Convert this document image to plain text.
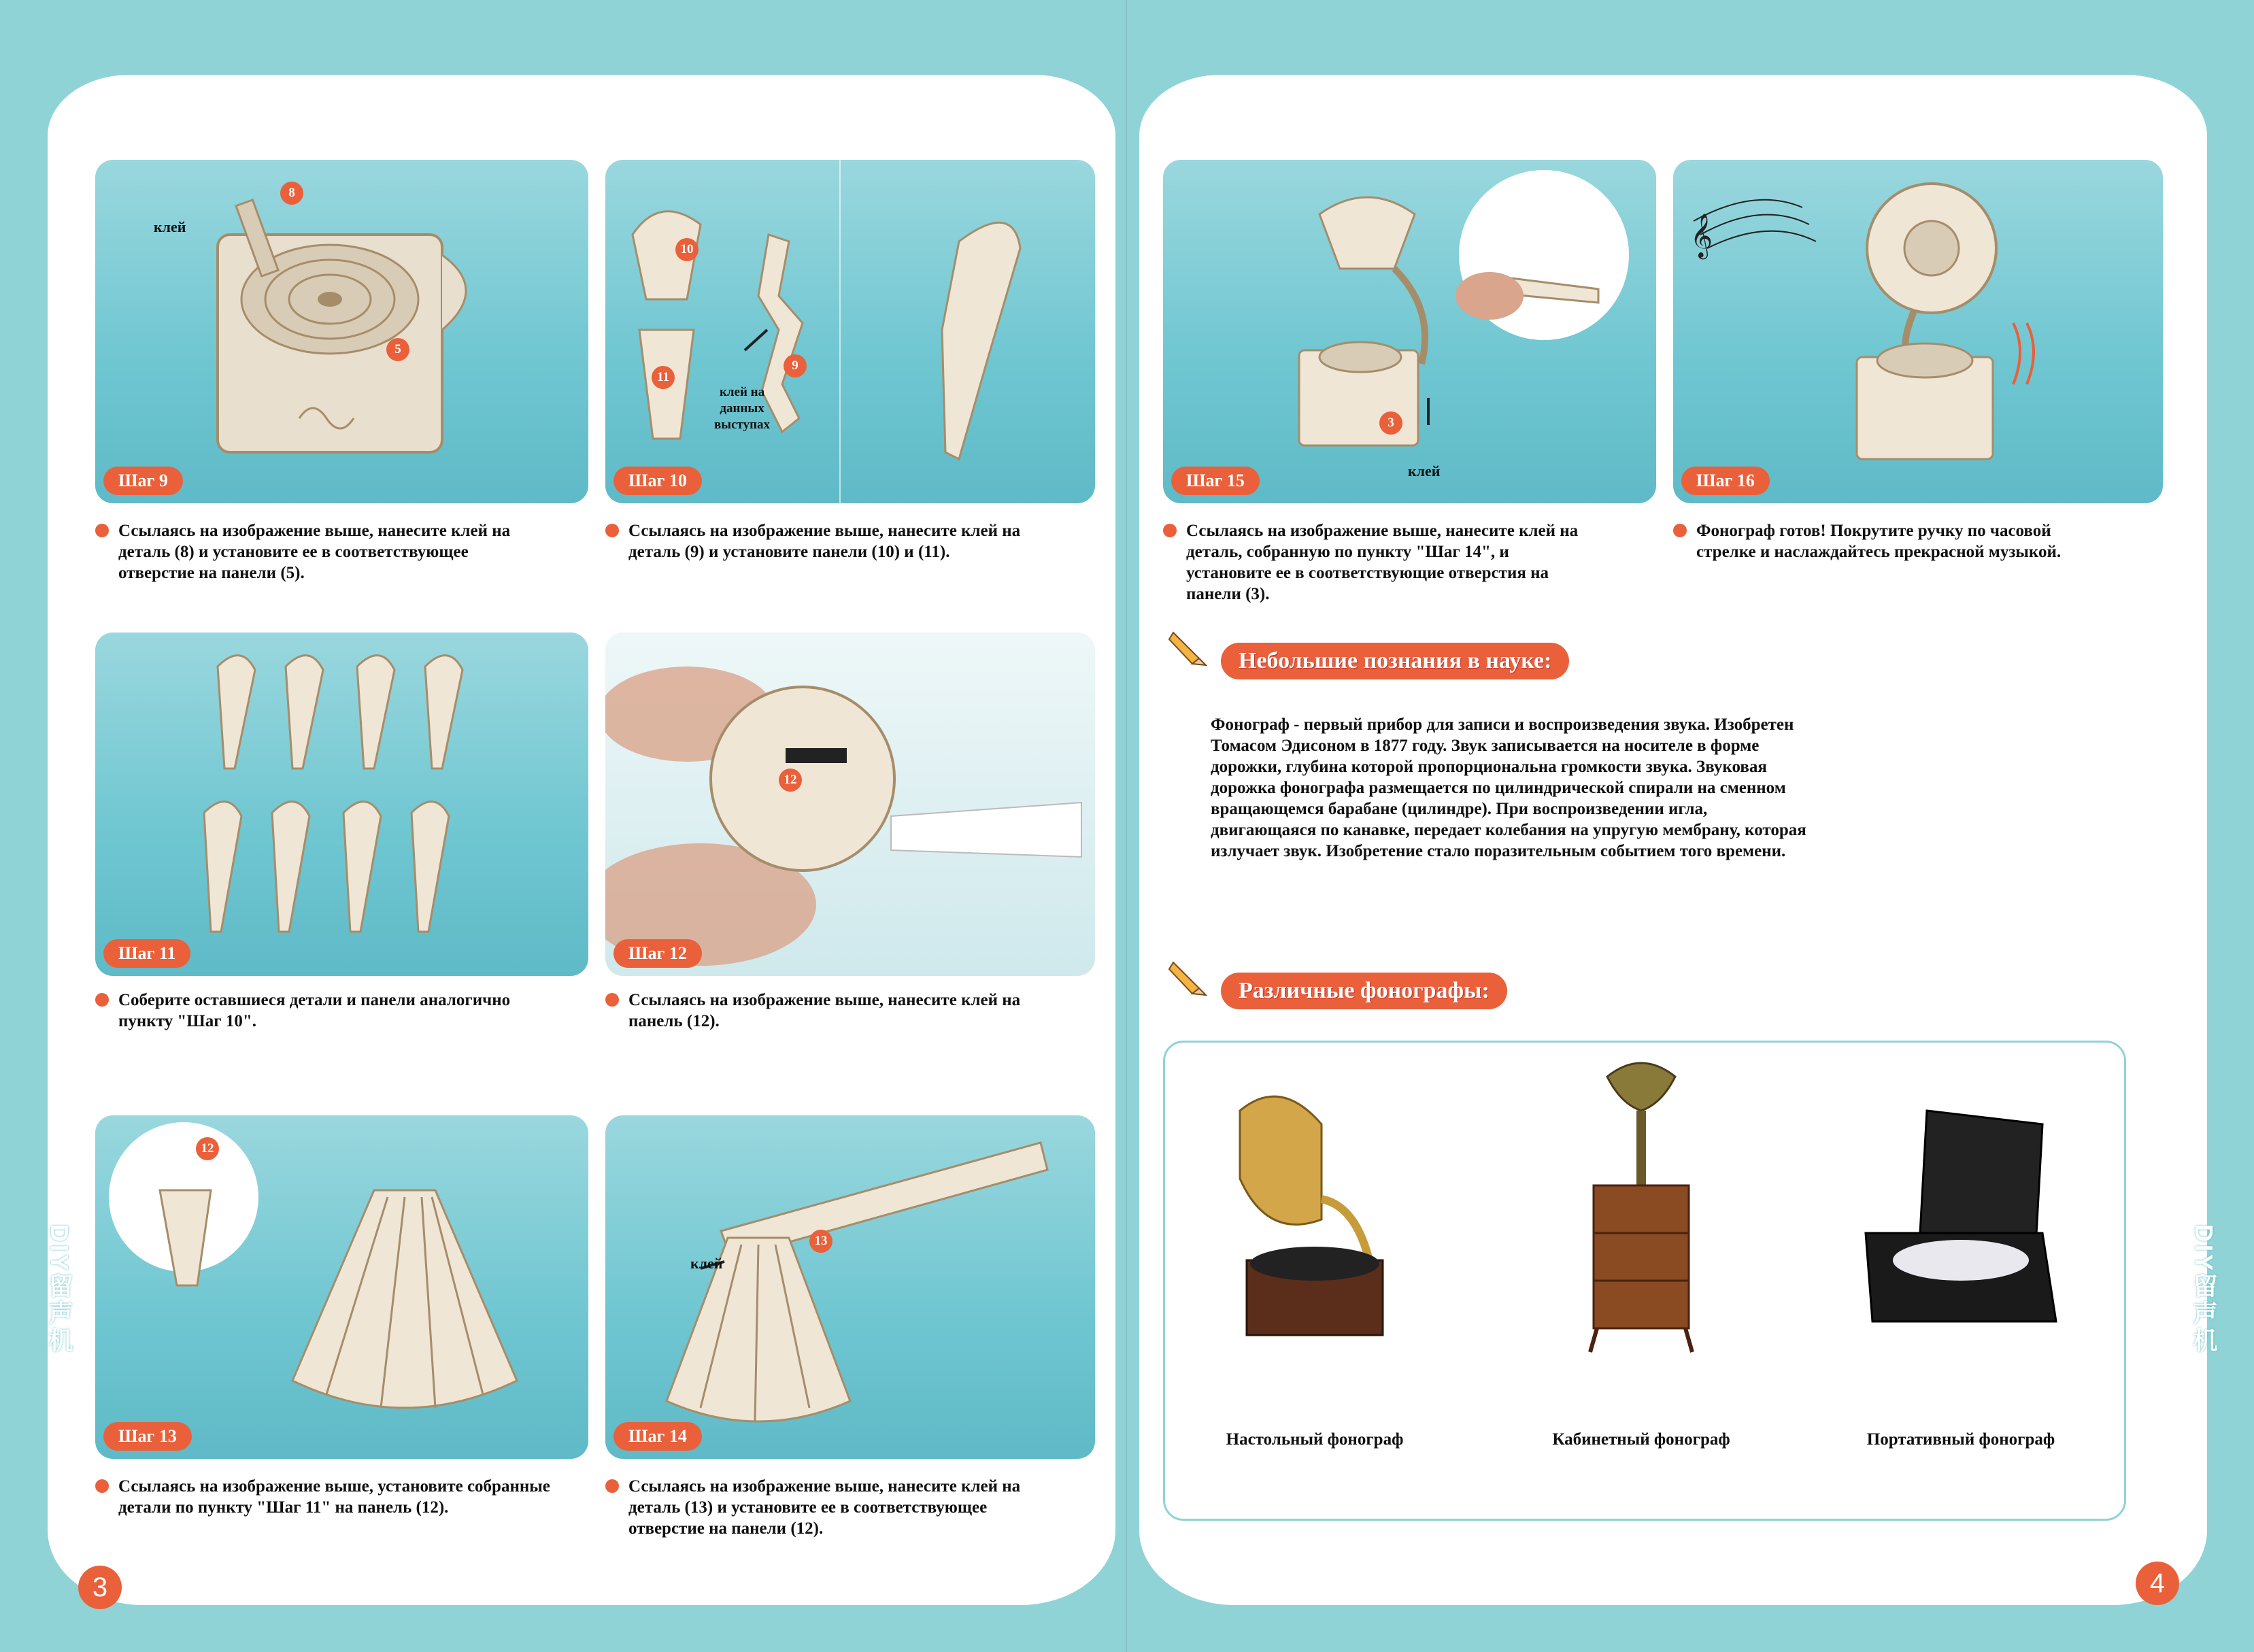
клей
8
5
Шаг 9
Ссылаясь на изображение выше, нанесите клей на
деталь (8) и установите ее в соответствующее
отверстие на панели (5).
10
11
9
клей на
данных
выступах
Шаг 10
Ссылаясь на изображение выше, нанесите клей на
деталь (9) и установите панели (10) и (11).
Шаг 11
Соберите оставшиеся детали и панели аналогично
пункту "Шаг 10".
12
Шаг 12
Ссылаясь на изображение выше, нанесите клей на
панель (12).
12
Шаг 13
Ссылаясь на изображение выше, установите собранные
детали по пункту "Шаг 11" на панель (12).
клей
13
Шаг 14
Ссылаясь на изображение выше, нанесите клей на
деталь (13) и установите ее в соответствующее
отверстие на панели (12).
DIY留声机
3
3
клей
Шаг 15
Ссылаясь на изображение выше, нанесите клей на
деталь, собранную по пункту "Шаг 14", и
установите ее в соответствующие отверстия на
панели (3).
𝄞
Шаг 16
Фонограф готов! Покрутите ручку по часовой
стрелке и наслаждайтесь прекрасной музыкой.
Небольшие познания в науке:
Фонограф - первый прибор для записи и воспроизведения звука. Изобретен
Томасом Эдисоном в 1877 году. Звук записывается на носителе в форме
дорожки, глубина которой пропорциональна громкости звука. Звуковая
дорожка фонографа размещается по цилиндрической спирали на сменном
вращающемся барабане (цилиндре). При воспроизведении игла,
двигающаяся по канавке, передает колебания на упругую мембрану, которая
излучает звук. Изобретение стало поразительным событием того времени.
Различные фонографы:
Настольный фонограф	Кабинетный фонограф	Портативный фонограф
DIY留声机
4
